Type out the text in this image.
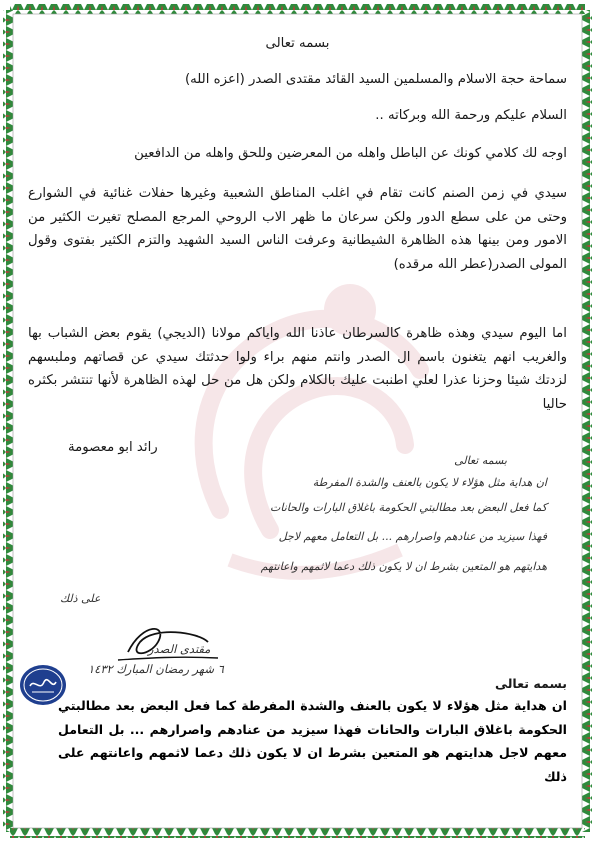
بسمه تعالى
سماحة حجة الاسلام والمسلمين السيد القائد مقتدى الصدر (اعزه الله)
السلام عليكم ورحمة الله وبركاته ..
اوجه لك كلامي كونك عن الباطل واهله من المعرضين وللحق واهله من الدافعين
سيدي في زمن الصنم كانت تقام في اغلب المناطق الشعبية وغيرها حفلات غنائية في الشوارع وحتى من على سطع الدور ولكن سرعان ما ظهر الاب الروحي المرجع المصلح تغيرت الكثير من الامور ومن بينها هذه الظاهرة الشيطانية وعرفت الناس السيد الشهيد والتزم الكثير بفتوى وقول المولى الصدر(عطر الله مرقده)
اما اليوم سيدي وهذه ظاهرة كالسرطان عاذنا الله واياكم مولانا (الديجي) يقوم بعض الشباب بها والغريب انهم يتغنون باسم ال الصدر وانتم منهم براء ولوا حدثتك سيدي عن قصاتهم وملبسهم لزدتك شيئا وحزنا عذرا لعلي اطنبت عليك بالكلام ولكن هل من حل لهذه الظاهرة لأنها تنتشر بكثره حاليا
رائد ابو معصومة
بسمه تعالى
ان هداية مثل هؤلاء لا يكون بالعنف والشدة المفرطة
كما فعل البعض بعد مطالبتي الحكومة باغلاق البارات والحانات
فهذا سيزيد من عنادهم واصرارهم ... بل التعامل معهم لاجل
هدايتهم هو المتعين بشرط ان لا يكون ذلك دعما لاثمهم واعانتهم
على ذلك
مقتدى الصدر
٦ شهر رمضان المبارك ١٤٣٢
بسمه تعالى
ان هداية مثل هؤلاء لا يكون بالعنف والشدة المفرطة كما فعل البعض بعد مطالبتي الحكومة باغلاق البارات والحانات فهذا سيزيد من عنادهم واصرارهم ... بل التعامل معهم لاجل هدايتهم هو المتعين بشرط ان لا يكون ذلك دعما لاثمهم واعانتهم على ذلك
